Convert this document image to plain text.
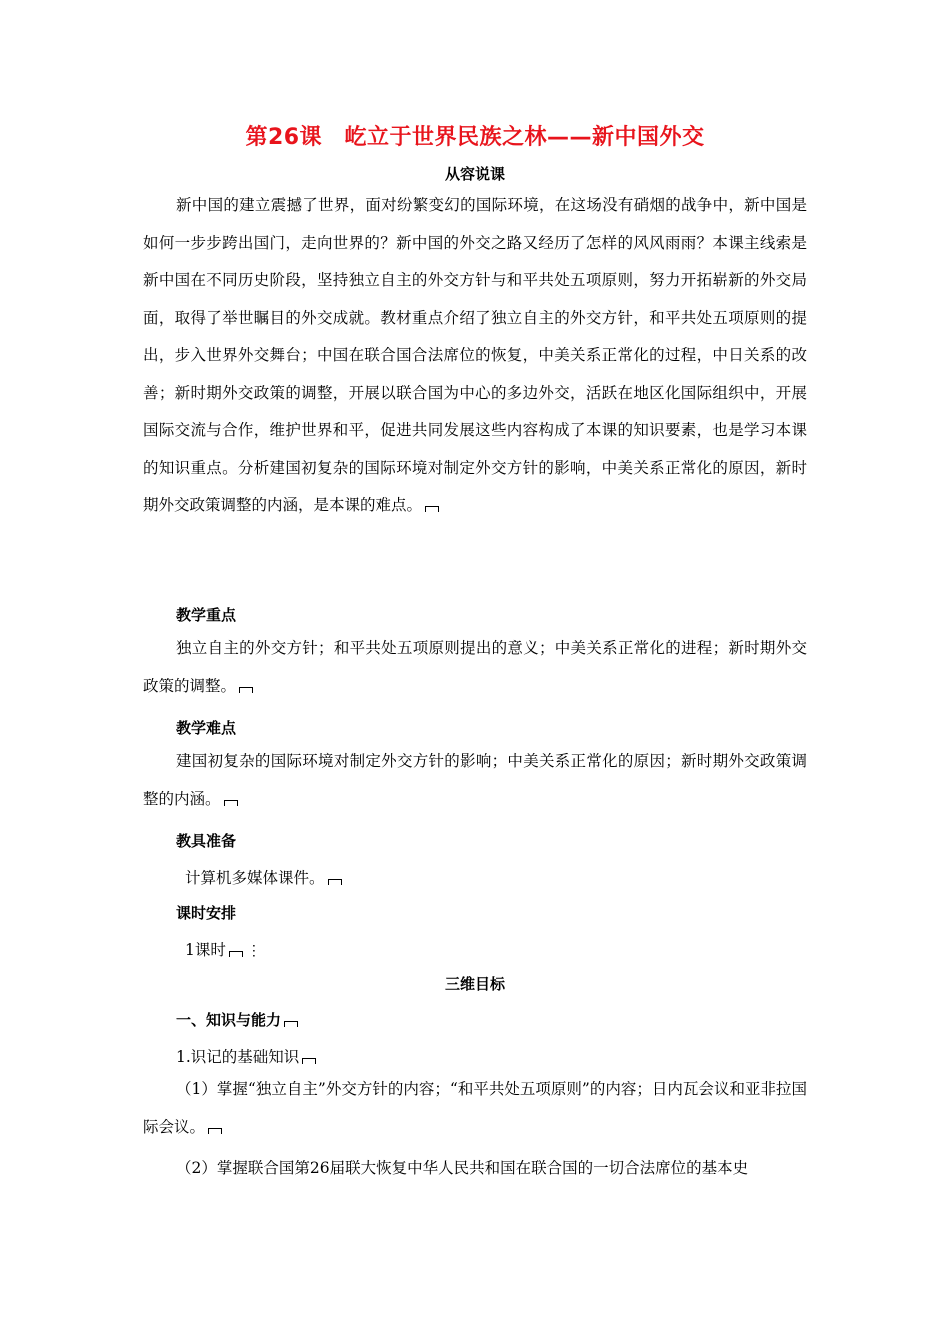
第26课　屹立于世界民族之林——新中国外交
从容说课
新中国的建立震撼了世界，面对纷繁变幻的国际环境，在这场没有硝烟的战争中，新中国是如何一步步跨出国门，走向世界的？新中国的外交之路又经历了怎样的风风雨雨？本课主线索是新中国在不同历史阶段，坚持独立自主的外交方针与和平共处五项原则，努力开拓崭新的外交局面，取得了举世瞩目的外交成就。教材重点介绍了独立自主的外交方针，和平共处五项原则的提出，步入世界外交舞台；中国在联合国合法席位的恢复，中美关系正常化的过程，中日关系的改善；新时期外交政策的调整，开展以联合国为中心的多边外交，活跃在地区化国际组织中，开展国际交流与合作，维护世界和平，促进共同发展这些内容构成了本课的知识要素，也是学习本课的知识重点。分析建国初复杂的国际环境对制定外交方针的影响，中美关系正常化的原因，新时期外交政策调整的内涵，是本课的难点。
教学重点
独立自主的外交方针；和平共处五项原则提出的意义；中美关系正常化的进程；新时期外交政策的调整。
教学难点
建国初复杂的国际环境对制定外交方针的影响；中美关系正常化的原因；新时期外交政策调整的内涵。
教具准备
计算机多媒体课件。
课时安排
1课时 ⋮
三维目标
一、知识与能力
1.识记的基础知识
（1）掌握“独立自主”外交方针的内容；“和平共处五项原则”的内容；日内瓦会议和亚非拉国际会议。
（2）掌握联合国第26届联大恢复中华人民共和国在联合国的一切合法席位的基本史
